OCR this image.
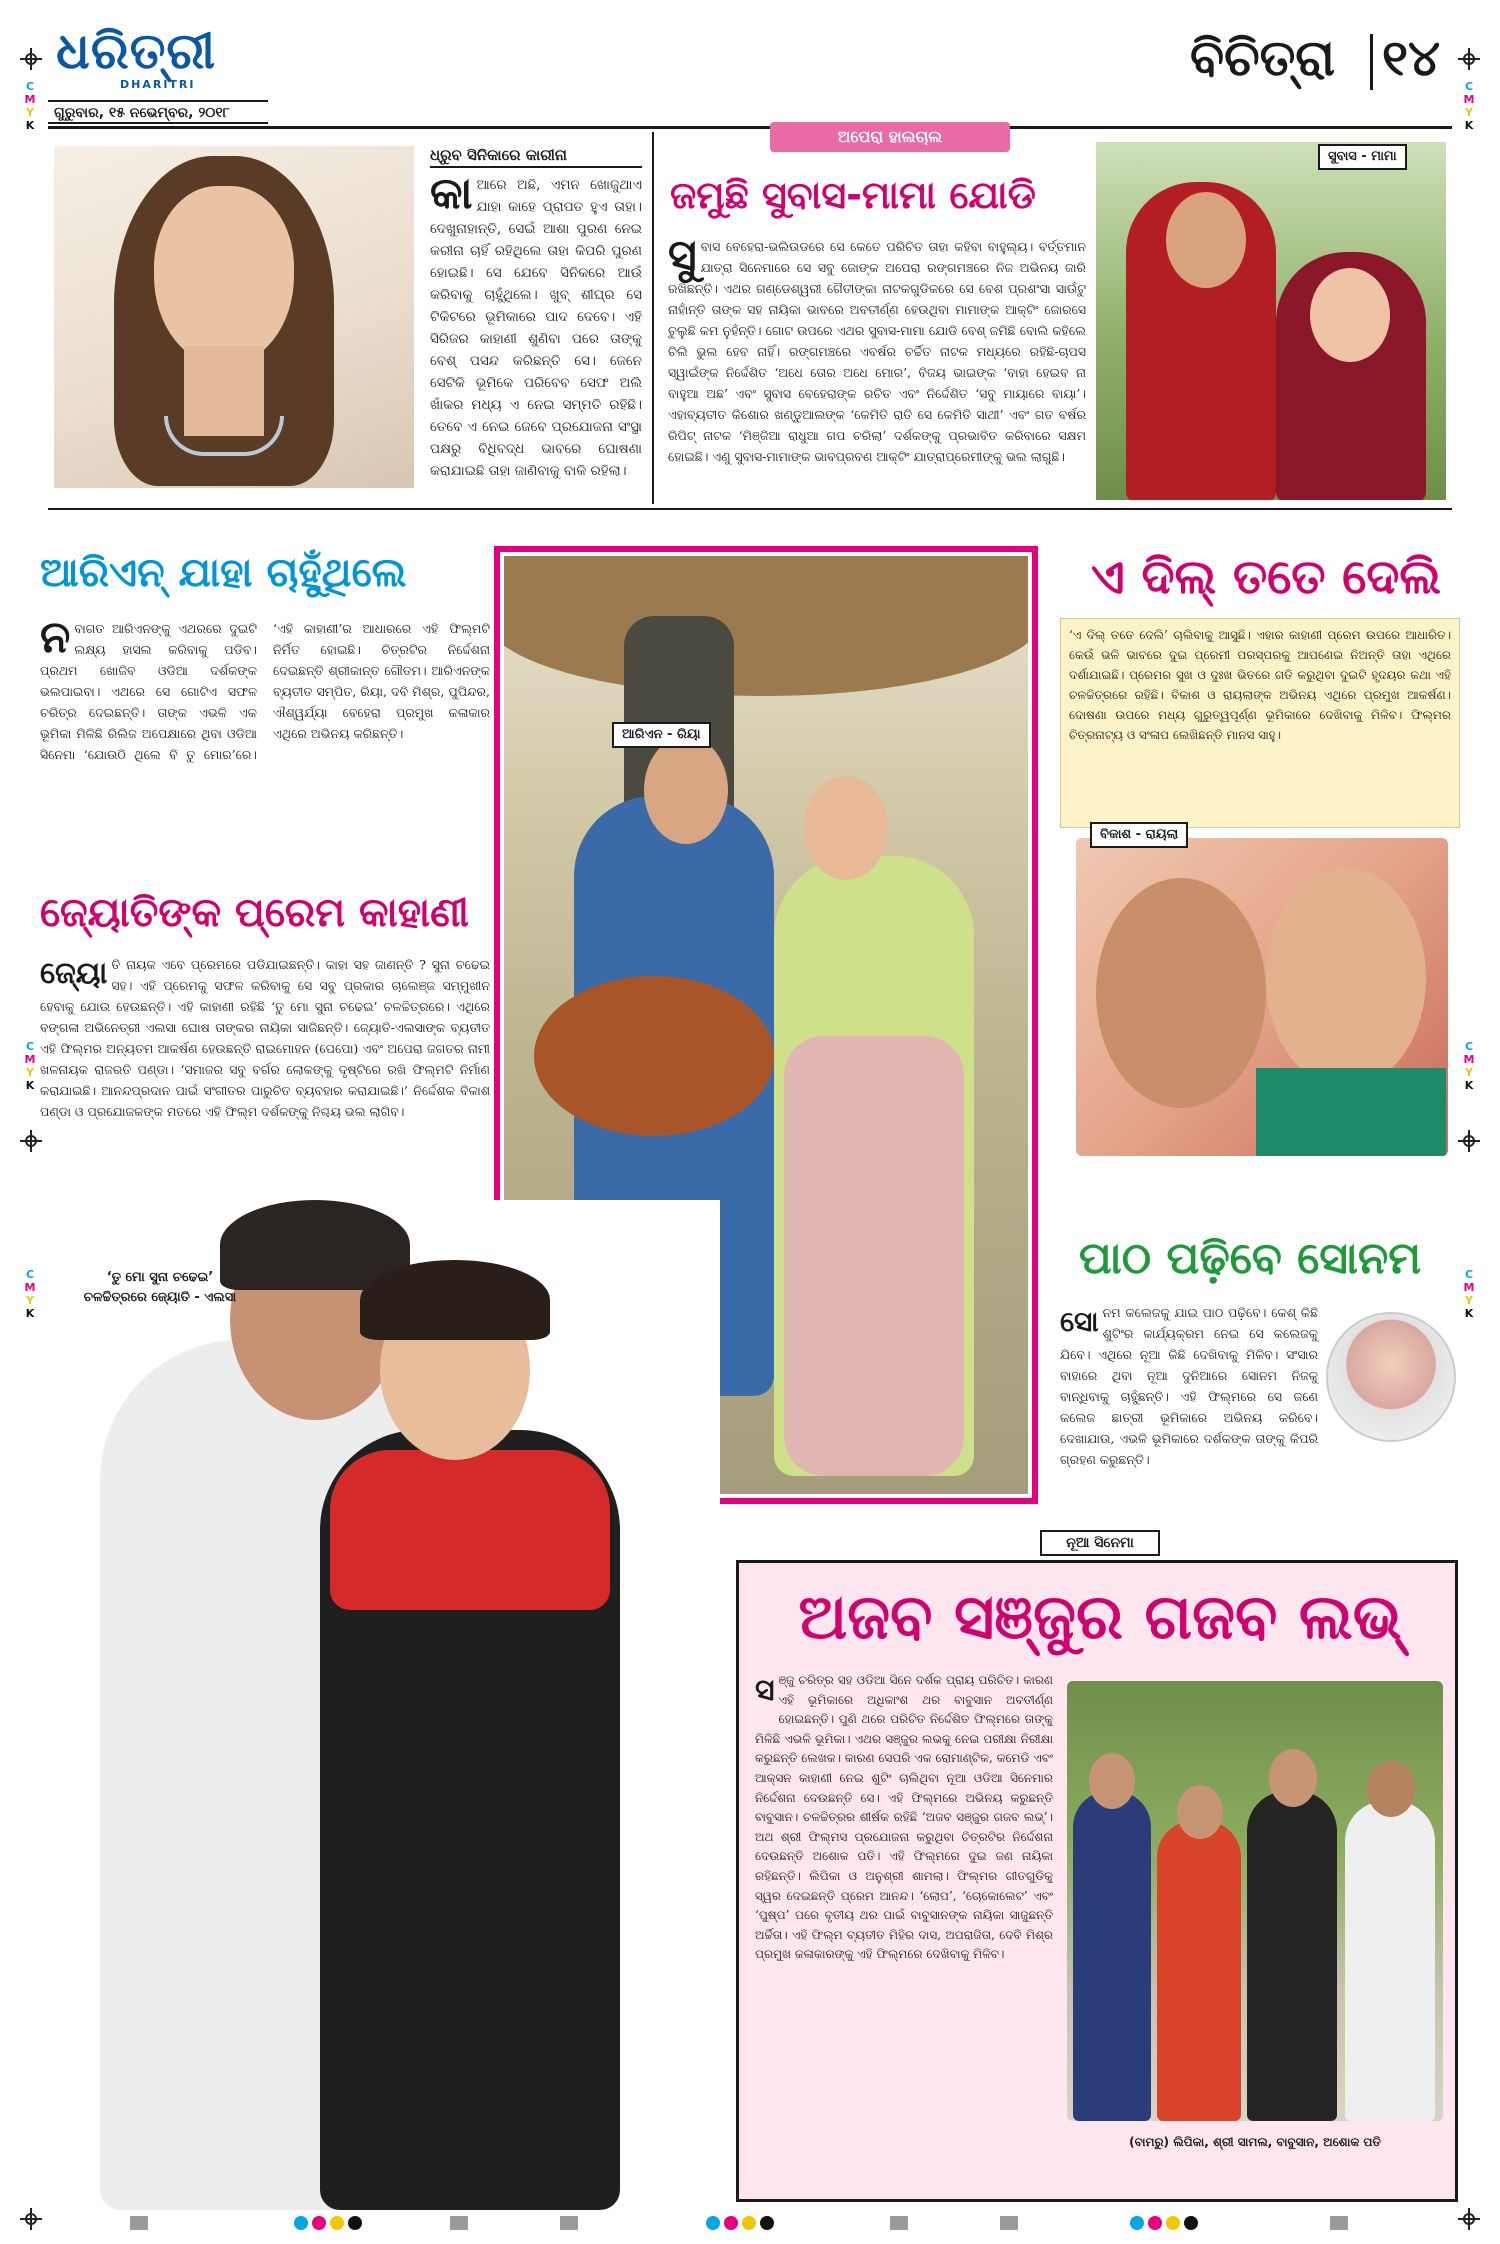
C
M
Y
K
C
M
Y
K
C
M
Y
K
C
M
Y
K
C
M
Y
K
C
M
Y
K
ଧରିତ୍ରୀ
DHARITRI
ଗୁରୁବାର, ୧୫ ନଭେମ୍ବର, ୨୦୧୮
ବିଚିତ୍ରା ୧୪
ଧ୍ରୁବ ସିନିକାରେ କାରୀନା
କାଆରେ ଅଛି, ଏମନ ଖୋଜୁଥାଏ ଯାହା କାହେ ପ୍ରାପତ ହୁଏ ତାହା। ଦେଖୁନାହାନ୍ତି, ସେଇଁ ଆଶା ପୁରଣ ନେଇ କରୀନା ଚାହିଁ ରହିଥିଲେ ତାହା କିପରି ପୁରଣ ହୋଇଛି। ସେ ଯେବେ ସିନିକରେ ଆଉଁ କରିବାକୁ ଚାହୁଁଥିଲେ। ଖୁବ୍ ଶୀଘ୍ର ସେ ଟିକିଟରେ ଭୂମିକାରେ ପାଦ ଦେବେ। ଏହି ସିରିଜର କାହାଣୀ ଶୁଣିବା ପରେ ତାଙ୍କୁ ବେଶ୍ ପସନ୍ଦ କରିଛନ୍ତି ସେ। ଜେନେ ସେଟିକି ଭୂମିକେ ପରିବେବ ସେଫ ଅଲି ଖାଁକର ମଧ୍ୟ ଏ ନେଇ ସମ୍ମତି ରହିଛି। ତେବେ ଏ ନେଇ ଜେବେ ପ୍ରଯୋଜନା ସଂସ୍ଥା ପକ୍ଷରୁ ବିଧିବଦ୍ଧ ଭାବରେ ଘୋଷଣା କରାଯାଇଛି ତାହା ଜାଣିବାକୁ ବାକି ରହିଲା।
ଅପେରା ହାଲଚାଲ
ଜମୁଛି ସୁବାସ-ମାମା ଯୋଡି
ସୁବାସ ବେହେରା-ଭଲିଉଡରେ ସେ କେତେ ପରିଚିତ ତାହା କହିବା ବାହୁଲ୍ୟ। ବର୍ତ୍ତମାନ ଯାତ୍ରା ସିନେମାରେ ସେ ସବୁ ଜୋଙ୍କ ଅପେରା ରଙ୍ଗମଞ୍ଚରେ ନିଜ ଅଭିନୟ ଜାରି ରଖିଛନ୍ତି। ଏଥର ଗଣ୍ଡେଶ୍ୱରୀ ଗୈତୀଙ୍କା ନାଟକଗୁଡିକରେ ସେ ବେଶ ପ୍ରଶଂସା ସାଉଁଟୁ ନାହାଁନ୍ତି ତାଙ୍କ ସହ ନାୟିକା ଭାବରେ ଅବତୀର୍ଣ୍ଣ ହେଉଥିବା ମାମାଙ୍କ ଆକ୍ଟିଂ ଜୋରସେ ଚୁଲୁଛି କମ ନୁହଁନ୍ତି। ଗୋଟ ଉପରେ ଏଥର ସୁବାସ-ମାମା ଯୋଡି ବେଶ୍ ଜମିଛି ବୋଲି କହିଲେ ଚିଲି ଭୁଲ ହେବ ନାହିଁ। ରଙ୍ଗମଞ୍ଚରେ ଏବର୍ଷର ଚର୍ଚ୍ଚିତ ନାଟକ ମଧ୍ୟରେ ରହିଛି-ଚାପସ ସ୍ୱାଇଁଙ୍କ ନିର୍ଦ୍ଦେଶିତ ‘ଅଧେ ତୋର ଅଧେ ମୋର’, ବିଜୟ ଭାଇଙ୍କ ‘ବାହା ହେଇବ ନା ବାହୁଆ ଅଛ’ ଏବଂ ସୁବାସ ବେହେରାଙ୍କ ରଚିତ ଏବଂ ନିର୍ଦ୍ଦେଶିତ ‘ସବୁ ମାୟାରେ ବାୟା’। ଏହାବ୍ୟତୀତ କିଶୋର ଖଣ୍ଡୁଆଲଙ୍କ ‘କେମିତି ରାତି ସେ କେମିତି ସାଥୀ’ ଏବଂ ଗତ ବର୍ଷର ରିପିଟ୍ ନାଟକ ‘ମିଞ୍ଜିଆ ରାଧୁଆ ଗପ ଚରିଲା’ ଦର୍ଶକଙ୍କୁ ପ୍ରଭାବିତ କରିବାରେ ସକ୍ଷମ ହୋଇଛି। ଏଣୁ ସୁବାସ-ମାମାଙ୍କ ଭାବପ୍ରବଣ ଆକ୍ଟିଂ ଯାତ୍ରାପ୍ରେମୀଙ୍କୁ ଭଲ ଲାଗୁଛି।
ସୁବାସ - ମାମା
ଆରିଏନ୍ ଯାହା ଚାହୁଁଥିଲେ
ନବାଗତ ଆରିଏନଙ୍କୁ ଏଥରରେ ଦୁଇଟି ଲକ୍ଷ୍ୟ ହାସଲ କରିବାକୁ ପଡିବ। ପ୍ରଥମ ଖୋଜିବ ଓଡିଆ ଦର୍ଶକଙ୍କ ଭଲପାଇବା। ଏଥରେ ସେ ଗୋଟିଏ ସଫଳ ଚରିତ୍ର ଦେଇଛନ୍ତି। ତାଙ୍କ ଏଭଳି ଏକ ଭୂମିକା ମିଳିଛି ରିଲିଜ ଅପେକ୍ଷାରେ ଥିବା ଓଡିଆ ସିନେମା ‘ଯୋଉଠି ଥିଲେ ବି ତୁ ମୋର’ରେ। ‘ଏହି କାହାଣୀ’ର ଆଧାରରେ ଏହି ଫିଲ୍ମଟି ନିର୍ମିତ ହୋଇଛି। ଚିତ୍ରଟିର ନିର୍ଦ୍ଦେଶନା ଦେଇଛନ୍ତି ଶ୍ରୀକାନ୍ତ ଗୌତମ। ଆରିଏନଙ୍କ ବ୍ୟତୀତ ସମ୍ପିତ, ରିୟା, ଦବି ମିଶ୍ର, ପୁପିନ୍ଦର, ଐଶ୍ୱର୍ଯ୍ୟା ବେହେରା ପ୍ରମୁଖ କଳାକାର ଏଥିରେ ଅଭିନୟ କରିଛନ୍ତି।
ଜ୍ୟୋତିଙ୍କ ପ୍ରେମ କାହାଣୀ
ଜ୍ୟୋ ତି ନାୟକ ଏବେ ପ୍ରେମରେ ପଡିଯାଇଛନ୍ତି। କାହା ସହ ଜାଣନ୍ତି ? ସୁନା ଚଢେଇ ସହ। ଏହି ପ୍ରେମକୁ ସଫଳ କରିବାକୁ ସେ ସବୁ ପ୍ରକାର ଚାଲେଞ୍ଜ ସମ୍ମୁଖୀନ ହେବାକୁ ଯୋଉ ହେଉଛନ୍ତି। ଏହି କାହାଣୀ ରହିଛି ‘ତୁ ମୋ ସୁନା ଚଢେଇ’ ଚଳଚ୍ଚିତ୍ରରେ। ଏଥିରେ ବଙ୍ଗଳା ଅଭିନେତ୍ରୀ ଏଲସା ଘୋଷ ତାଙ୍କର ନାୟିକା ସାଜିଛନ୍ତି। ଜ୍ୟୋତି-ଏଲସାଙ୍କ ବ୍ୟତୀତ ଏହି ଫିଲ୍ମର ଅନ୍ୟତମ ଆକର୍ଷଣ ହେଉଛନ୍ତି ରାଇମୋହନ (ପେପୋ) ଏବଂ ଅପେରା ଜଗତର ନାମୀ ଖଳନାୟକ ରାଜରତି ପଣ୍ଡା। ‘ସମାଜର ସବୁ ବର୍ଗର ଲୋକଙ୍କୁ ଦୃଷ୍ଟିରେ ରଖି ଫିଲ୍ମଟି ନିର୍ମାଣ କରାଯାଇଛି। ଆନନ୍ଦପ୍ରଦାନ ପାଇଁ ସଂଗୀତର ପାରୁଚିତ ବ୍ୟବହାର କରାଯାଇଛି।’ ନିର୍ଦ୍ଦେଶକ ବିକାଶ ପଣ୍ଡା ଓ ପ୍ରଯୋଜକଙ୍କ ମତରେ ଏହି ଫିଲ୍ମ ଦର୍ଶକଙ୍କୁ ନିଶ୍ଚୟ ଭଲ ଲାଗିବ।
ଆରିଏନ - ରିୟା
ଏ ଦିଲ୍ ତତେ ଦେଲି
‘ଏ ଦିଲ୍ ତତେ ଦେଲି’ ଚାଲିବାକୁ ଆସୁଛି। ଏହାର କାହାଣୀ ପ୍ରେମ ଉପରେ ଆଧାରିତ। କେଉଁ ଭଳି ଭାବରେ ଦୁଇ ପ୍ରେମୀ ପରସ୍ପରକୁ ଆପଣେଇ ନିଅନ୍ତି ତାହା ଏଥିରେ ଦର୍ଶାଯାଇଛି। ପ୍ରେମର ସୁଖ ଓ ଦୁଃଖ ଭିତରେ ଗତି କରୁଥିବା ଦୁଇଟି ହୃଦୟର କଥା ଏହି ଚଳଚ୍ଚିତ୍ରରେ ରହିଛି। ବିକାଶ ଓ ରାୟଲାଙ୍କ ଅଭିନୟ ଏଥିରେ ପ୍ରମୁଖ ଆକର୍ଷଣ। ଦୋଷଣା ଉପରେ ମଧ୍ୟ ଗୁରୁତ୍ୱପୂର୍ଣ୍ଣ ଭୂମିକାରେ ଦେଖିବାକୁ ମିଳିବ। ଫିଲ୍ମର ଚିତ୍ରନାଟ୍ୟ ଓ ସଂଳାପ ଲେଖିଛନ୍ତି ମାନସ ସାହୁ।
ବିକାଶ - ରାୟଲା
ପାଠ ପଢ଼ିବେ ସୋନମ
ସୋ ନମ କଲେଜକୁ ଯାଇ ପାଠ ପଢ଼ିବେ। କେଶ୍ କିଛି ଶୁଟିଂର କାର୍ଯ୍ୟକ୍ରମ ନେଇ ସେ କଲେଜକୁ ଯିବେ। ଏଥିରେ ନୂଆ କିଛି ଦେଖିବାକୁ ମିଳିବ। ସଂସାର ବାହାରେ ଥିବା ନୂଆ ଦୁନିଆରେ ସୋନମ ନିଜକୁ ବାନ୍ଧିବାକୁ ଚାହୁଁଛନ୍ତି। ଏହି ଫିଲ୍ମରେ ସେ ଜଣେ କଲେଜ ଛାତ୍ରୀ ଭୂମିକାରେ ଅଭିନୟ କରିବେ। ଦେଖାଯାଉ, ଏଭଳି ଭୂମିକାରେ ଦର୍ଶକଙ୍କ ତାଙ୍କୁ କିପରି ଗ୍ରହଣ କରୁଛନ୍ତି।
‘ତୁ ମୋ ସୁନା ଚଢେଇ’
ଚଳଚ୍ଚିତ୍ରରେ ଜ୍ୟୋତି - ଏଲସା
ନୂଆ ସିନେମା
ଅଜବ ସଞ୍ଜୁର ଗଜବ ଲଭ୍
ସଞ୍ଜୁ ଚରିତ୍ର ସହ ଓଡିଆ ସିନେ ଦର୍ଶକ ପ୍ରାୟ ପରିଚିତ। କାରଣ ଏହି ଭୂମିକାରେ ଅଧିକାଂଶ ଥର ବାବୁସାନ ଅବତୀର୍ଣ୍ଣ ହୋଇଛନ୍ତି। ପୁଣି ଥରେ ପରିଚିତ ନିର୍ଦ୍ଦେଶିତ ଫିଲ୍ମରେ ତାଙ୍କୁ ମିଳିଛି ଏଭଳି ଭୂମିକା। ଏଥର ସଞ୍ଜୁର ଲଭକୁ ନେଇ ପରୀକ୍ଷା ନିରୀକ୍ଷା କରୁଛନ୍ତି ଲେଖକ। କାରଣ ସେପରି ଏକ ରୋମାଣ୍ଟିକ, କମେଡି ଏବଂ ଆକ୍ସନ କାହାଣୀ ନେଇ ଶୁଟିଂ ଚାଲିଥିବା ନୂଆ ଓଡିଆ ସିନେମାର ନିର୍ଦ୍ଦେଶନା ଦେଉଛନ୍ତି ସେ। ଏହି ଫିଲ୍ମରେ ଅଭିନୟ କରୁଛନ୍ତି ବାବୁସାନ। ଚଳଚ୍ଚିତ୍ରର ଶୀର୍ଷକ ରହିଛି ‘ଅଜବ ସଞ୍ଜୁର ଗଜବ ଲଭ୍’। ଅଥ ଶ୍ରୀ ଫିଲ୍ମସ ପ୍ରଯୋଜନା କରୁଥିବା ଚିତ୍ରଟିର ନିର୍ଦ୍ଦେଶନା ଦେଉଛନ୍ତି ଅଶୋକ ପତି। ଏହି ଫିଲ୍ମରେ ଦୁଇ ଜଣ ନାୟିକା ରହିଛନ୍ତି। ଲିପିକା ଓ ଅନୁଶ୍ରୀ ଶାମଲା। ଫିଲ୍ମର ଗୀତଗୁଡିକୁ ସ୍ୱର ଦେଇଛନ୍ତି ପ୍ରେମ ଆନନ୍ଦ। ‘ଲୋପ’, ‘ଚୋକୋଲେଟ’ ଏବଂ ‘ପୁଷ୍ପ’ ପରେ ବୃତୀୟ ଥର ପାଇଁ ବାବୁସାନଙ୍କ ନାୟିକା ସାଜୁଛନ୍ତି ଅର୍ଚ୍ଚିତା। ଏହି ଫିଲ୍ମ ବ୍ୟତୀତ ମିହିର ଦାସ, ଅପରାଜିତା, ଦେବି ମିଶ୍ର ପ୍ରମୁଖ କଳାକାରଙ୍କୁ ଏହି ଫିଲ୍ମରେ ଦେଖିବାକୁ ମିଳିବ।
(ବାମରୁ) ଲିପିକା, ଶ୍ରୀ ସାମଲ, ବାବୁସାନ, ଅଶୋକ ପତି
